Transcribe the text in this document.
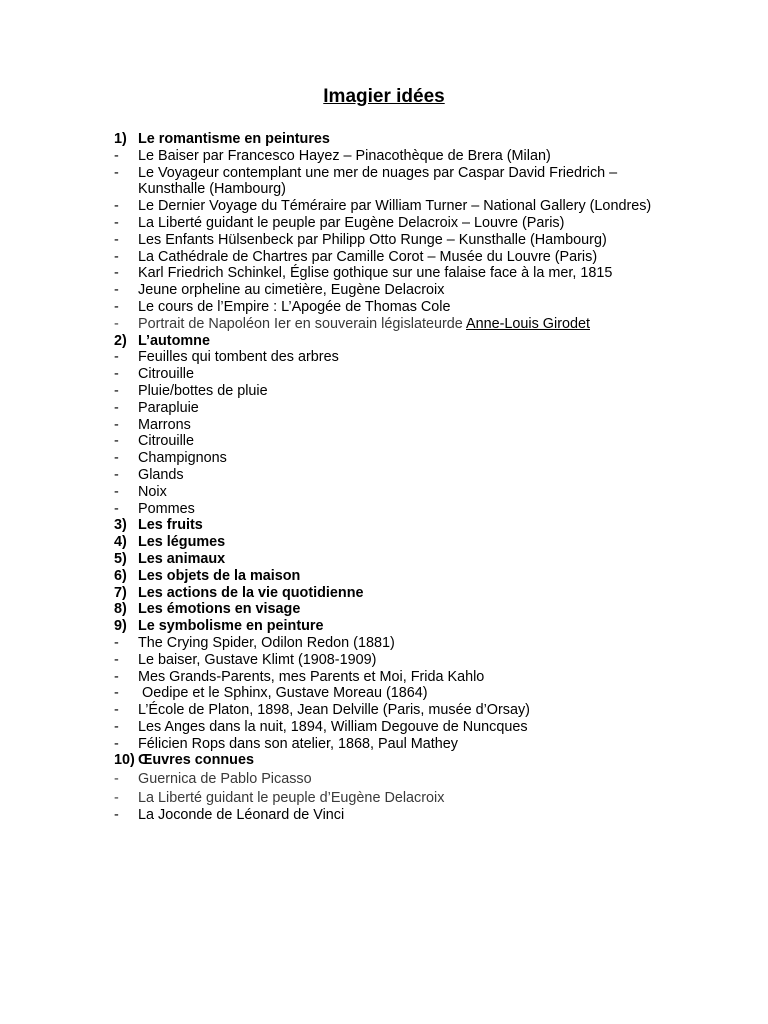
Imagier idées
1) Le romantisme en peintures
-	Le Baiser par Francesco Hayez – Pinacothèque de Brera (Milan)
-	Le Voyageur contemplant une mer de nuages par Caspar David Friedrich – Kunsthalle (Hambourg)
-	Le Dernier Voyage du Téméraire par William Turner – National Gallery (Londres)
-	La Liberté guidant le peuple par Eugène Delacroix – Louvre (Paris)
-	Les Enfants Hülsenbeck par Philipp Otto Runge – Kunsthalle (Hambourg)
-	La Cathédrale de Chartres par Camille Corot – Musée du Louvre (Paris)
-	Karl Friedrich Schinkel, Église gothique sur une falaise face à la mer, 1815
-	Jeune orpheline au cimetière, Eugène Delacroix
-	Le cours de l’Empire : L’Apogée de Thomas Cole
-	Portrait de Napoléon Ier en souverain législateurde Anne-Louis Girodet
2) L’automne
-	Feuilles qui tombent des arbres
-	Citrouille
-	Pluie/bottes de pluie
-	Parapluie
-	Marrons
-	Citrouille
-	Champignons
-	Glands
-	Noix
-	Pommes
3) Les fruits
4) Les légumes
5) Les animaux
6) Les objets de la maison
7) Les actions de la vie quotidienne
8) Les émotions en visage
9) Le symbolisme en peinture
-	The Crying Spider, Odilon Redon (1881)
-	Le baiser, Gustave Klimt (1908-1909)
-	Mes Grands-Parents, mes Parents et Moi, Frida Kahlo
-	Oedipe et le Sphinx, Gustave Moreau (1864)
-	L’École de Platon, 1898, Jean Delville (Paris, musée d’Orsay)
-	Les Anges dans la nuit, 1894, William Degouve de Nuncques
-	Félicien Rops dans son atelier, 1868, Paul Mathey
10) Œuvres connues
-	Guernica de Pablo Picasso
-	La Liberté guidant le peuple d’Eugène Delacroix
-	La Joconde de Léonard de Vinci
